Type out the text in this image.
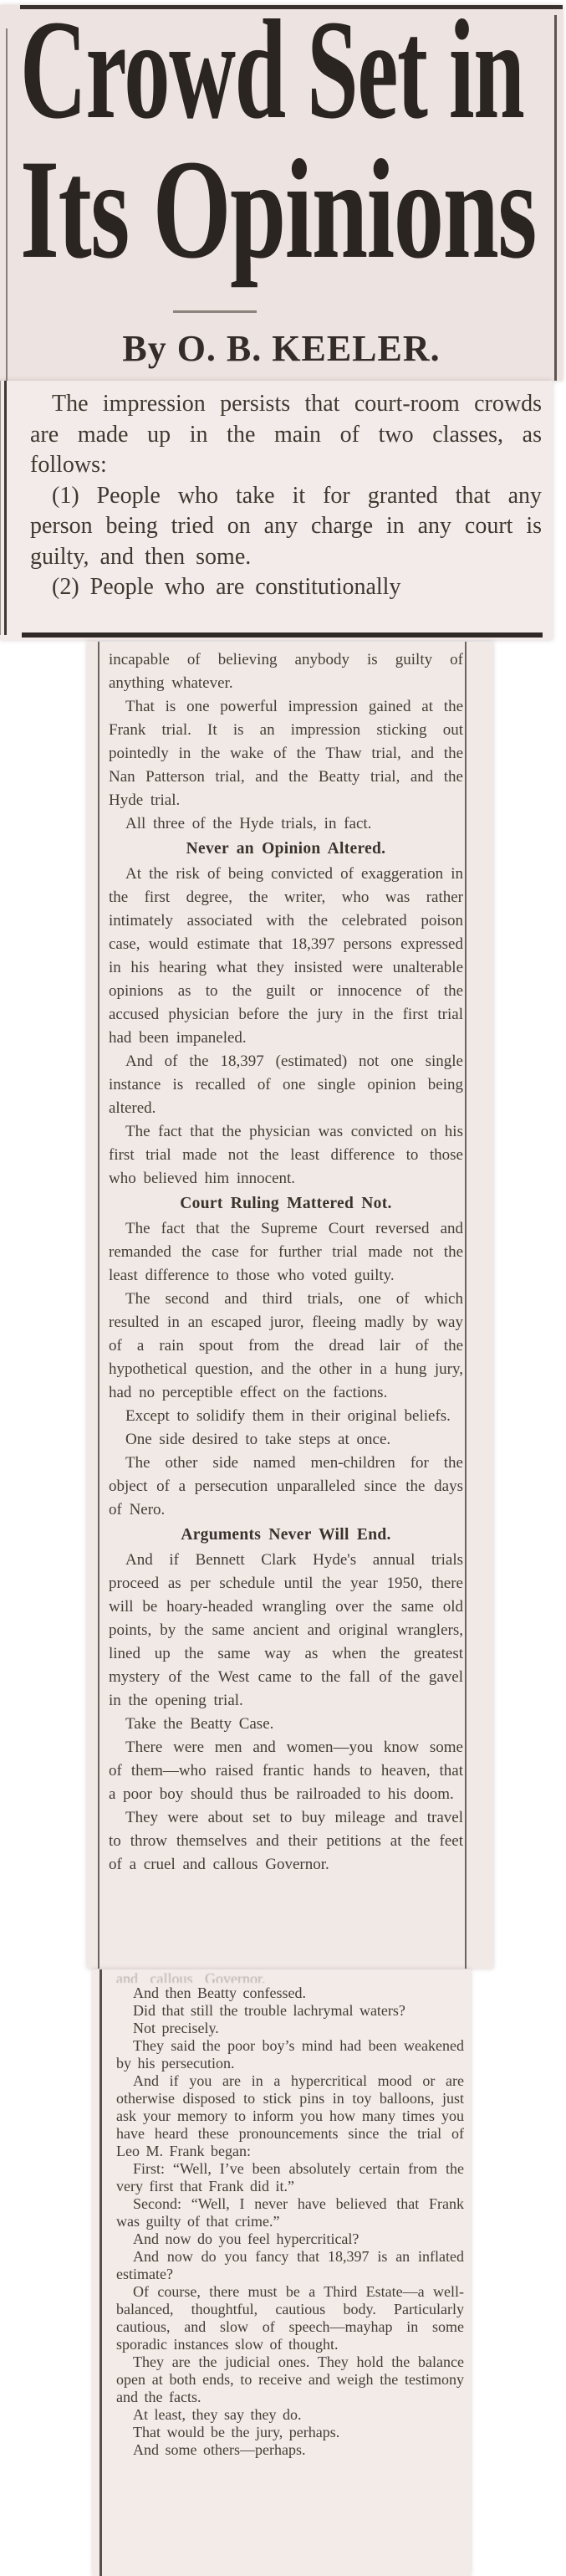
Crowd Set in
Its Opinions
By O. B. KEELER.

The impression persists that court-room crowds are made up in the main of two classes, as follows:

(1) People who take it for granted that any person being tried on any charge in any court is guilty, and then some.

(2) People who are constitutionally

incapable of believing anybody is guilty of anything whatever.

That is one powerful impression gained at the Frank trial. It is an impression sticking out pointedly in the wake of the Thaw trial, and the Nan Patterson trial, and the Beatty trial, and the Hyde trial.

All three of the Hyde trials, in fact.

Never an Opinion Altered.

At the risk of being convicted of exaggeration in the first degree, the writer, who was rather intimately associated with the celebrated poison case, would estimate that 18,397 persons expressed in his hearing what they insisted were unalterable opinions as to the guilt or innocence of the accused physician before the jury in the first trial had been impaneled.

And of the 18,397 (estimated) not one single instance is recalled of one single opinion being altered.

The fact that the physician was convicted on his first trial made not the least difference to those who believed him innocent.

Court Ruling Mattered Not.

The fact that the Supreme Court reversed and remanded the case for further trial made not the least difference to those who voted guilty.

The second and third trials, one of which resulted in an escaped juror, fleeing madly by way of a rain spout from the dread lair of the hypothetical question, and the other in a hung jury, had no perceptible effect on the factions.

Except to solidify them in their original beliefs.

One side desired to take steps at once.

The other side named men-children for the object of a persecution unparalleled since the days of Nero.

Arguments Never Will End.

And if Bennett Clark Hyde's annual trials proceed as per schedule until the year 1950, there will be hoary-headed wrangling over the same old points, by the same ancient and original wranglers, lined up the same way as when the greatest mystery of the West came to the fall of the gavel in the opening trial.

Take the Beatty Case.

There were men and women—you know some of them—who raised frantic hands to heaven, that a poor boy should thus be railroaded to his doom.

They were about set to buy mileage and travel to throw themselves and their petitions at the feet of a cruel and callous Governor.

and callous Governor.

And then Beatty confessed.

Did that still the trouble lachrymal waters?

Not precisely.

They said the poor boy’s mind had been weakened by his persecution.

And if you are in a hypercritical mood or are otherwise disposed to stick pins in toy balloons, just ask your memory to inform you how many times you have heard these pronouncements since the trial of Leo M. Frank began:

First: “Well, I’ve been absolutely certain from the very first that Frank did it.”

Second: “Well, I never have believed that Frank was guilty of that crime.”

And now do you feel hypercritical?

And now do you fancy that 18,397 is an inflated estimate?

Of course, there must be a Third Estate—a well-balanced, thoughtful, cautious body. Particularly cautious, and slow of speech—mayhap in some sporadic instances slow of thought.

They are the judicial ones. They hold the balance open at both ends, to receive and weigh the testimony and the facts.

At least, they say they do.

That would be the jury, perhaps.

And some others—perhaps.
